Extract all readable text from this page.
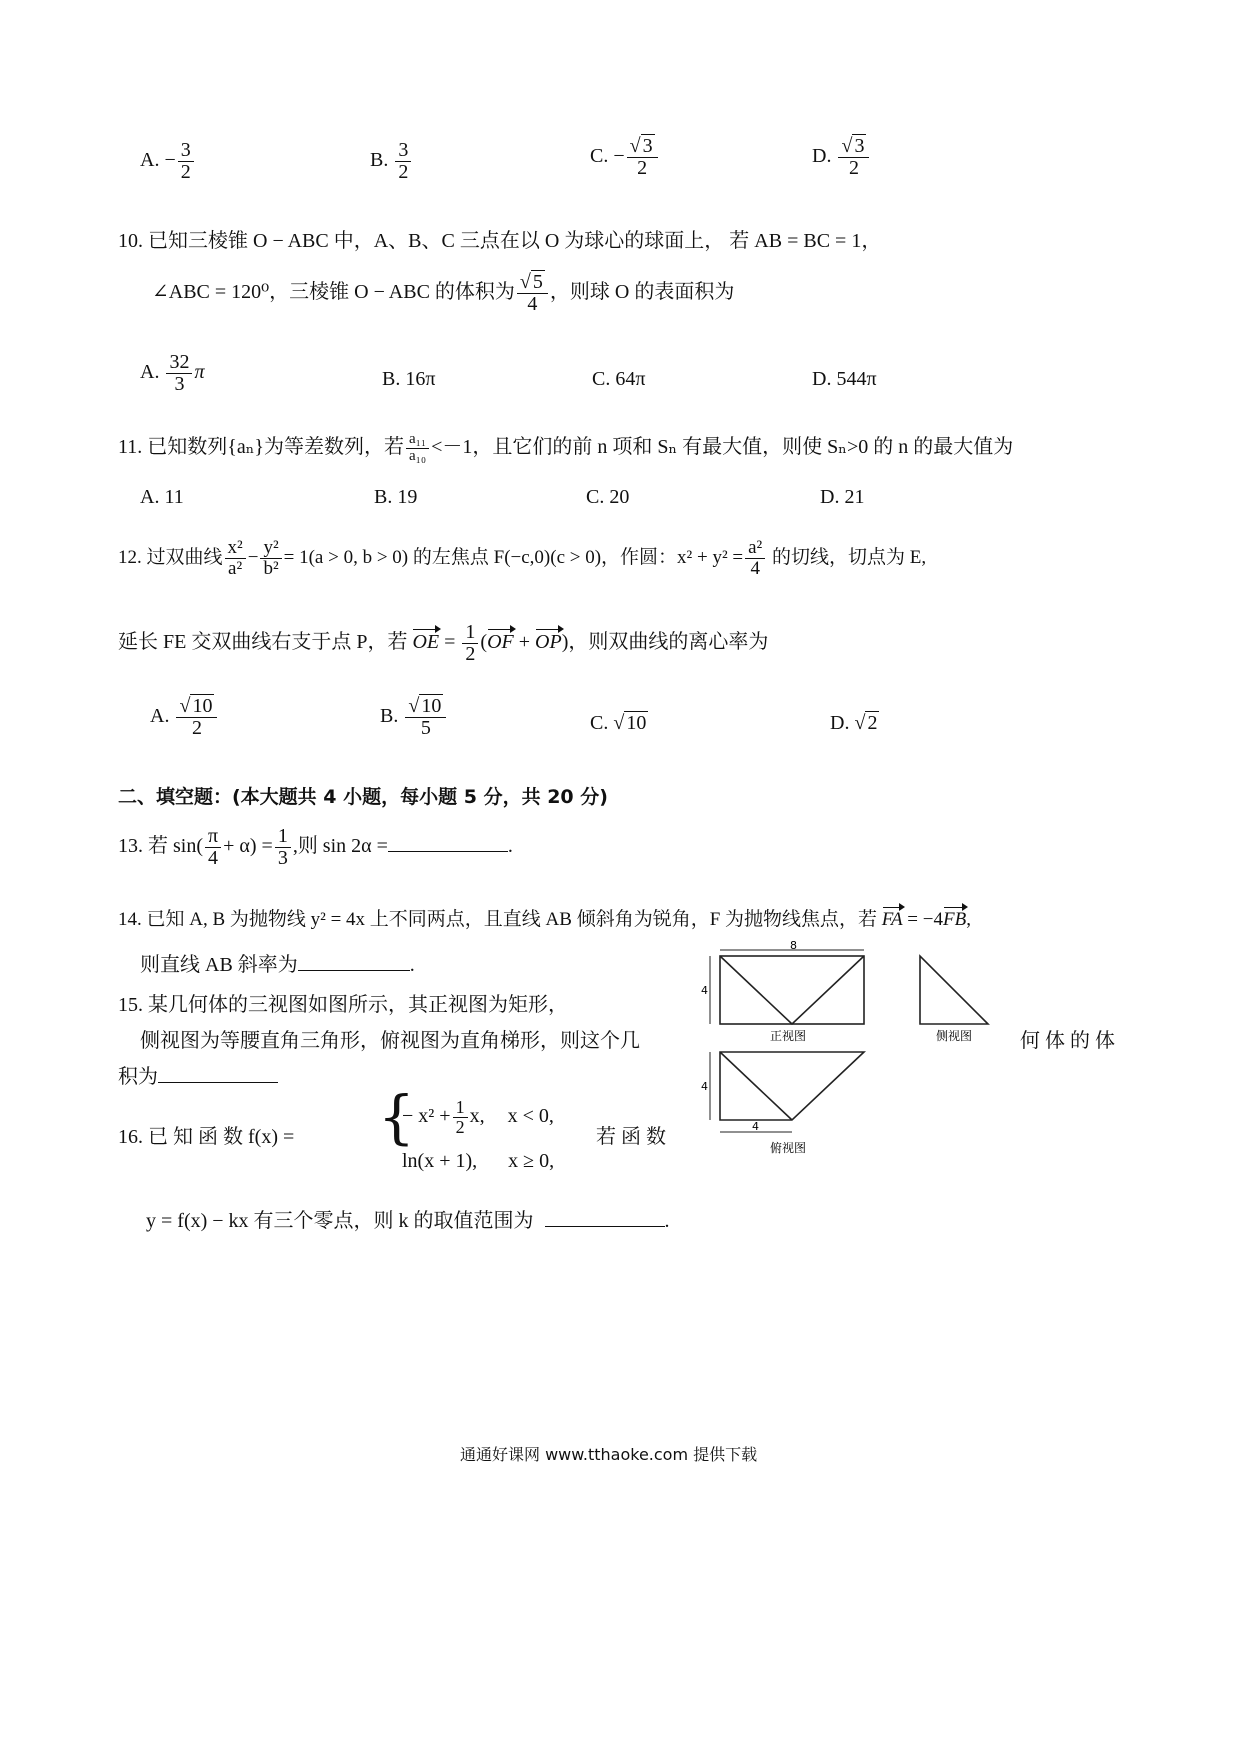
A. − $\frac{3}{2}$	B. $\frac{3}{2}$	C. − $\frac{√ 3}{2}$	D. $\frac{√ 3}{2}$
10. 已知三棱锥 O − ABC 中，A、B、C 三点在以 O 为球心的球面上， 若 AB = BC = 1，
∠ABC = 120⁰，三棱锥 O − ABC 的体积为 $\frac{√ 5}{4}$ ，则球 O 的表面积为
A. $\frac{32}{3}$ π	B. 16π	C. 64π	D. 544π
11. 已知数列{aₙ}为等差数列，若 $\frac{\text{a₁₁}}{\text{a₁₀}} <-1$，且它们的前 n 项和 Sₙ 有最大值，则使 Sₙ>0 的 n 的最大值为
A. 11	B. 19	C. 20	D. 21
12. 过双曲线 $\frac{\text{x²}}{\text{a²}} - \frac{\text{y²}}{\text{b²}} = 1(a > 0$, b > 0) 的左焦点 F(−c,0)(c > 0)，作圆：$x^2 + y^2 = \frac{\text{a²}}{4}$ 的切线，切点为 E,
延长 FE 交双曲线右支于点 P，若 OE = $\frac{1}{2} (OF + OP)$，则双曲线的离心率为
A. $\frac{√ 10}{2}$	B. $\frac{√ 10}{5}$	C. √ 10	D. √ 2
二、填空题：(本大题共 4 小题，每小题 5 分，共 20 分)
13. 若 $\sin( \frac{\pi}{4} + \alpha) = \frac{1}{3}$ ,则 sin 2α =	.
14. 已知 A, B 为抛物线 y² = 4x 上不同两点，且直线 AB 倾斜角为锐角，F 为抛物线焦点，若 FA = −4FB,
则直线 AB 斜率为	.
15. 某几何体的三视图如图所示，其正视图为矩形，
侧视图为等腰直角三角形，俯视图为直角梯形，则这个几	何 体 的 体
积为
8
4
正视图	侧视图
4
4
俯视图
16. 已 知 函 数 f(x) = {
− $x^2 + \frac{1}{2} x$, x < 0,
ln(x + 1), x ≥ 0,
若 函 数
y = f(x) − kx 有三个零点，则 k 的取值范围为	.
通通好课网 www.tthaoke.com 提供下载
